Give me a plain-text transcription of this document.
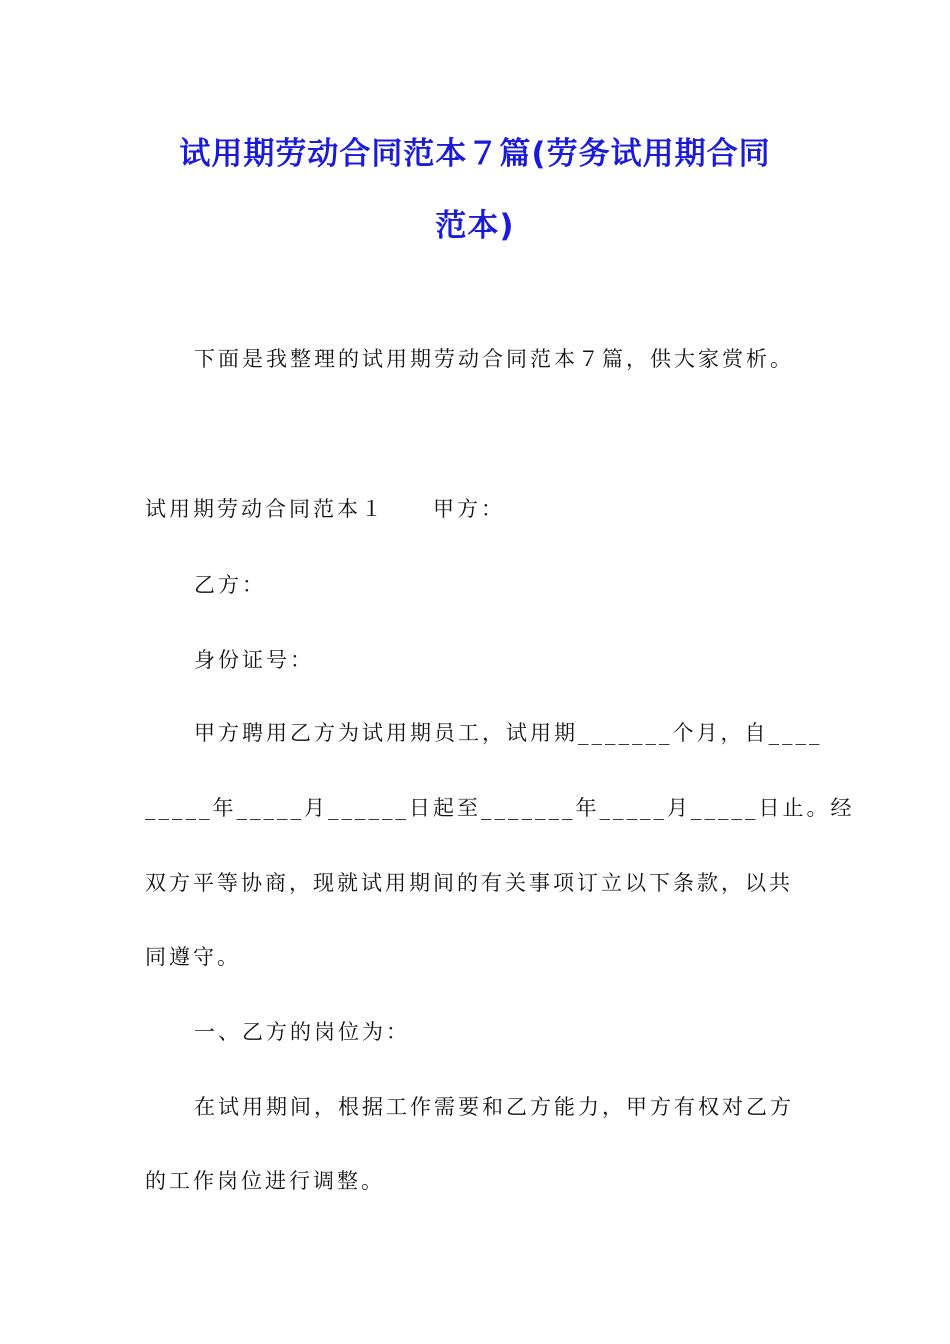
试用期劳动合同范本７篇(劳务试用期合同
范本)
下面是我整理的试用期劳动合同范本７篇，供大家赏析。
试用期劳动合同范本１ 甲方：
乙方：
身份证号：
甲方聘用乙方为试用期员工，试用期_______个月，自____
_____年_____月______日起至_______年_____月_____日止。经
双方平等协商，现就试用期间的有关事项订立以下条款，以共
同遵守。
一、乙方的岗位为：
在试用期间，根据工作需要和乙方能力，甲方有权对乙方
的工作岗位进行调整。
